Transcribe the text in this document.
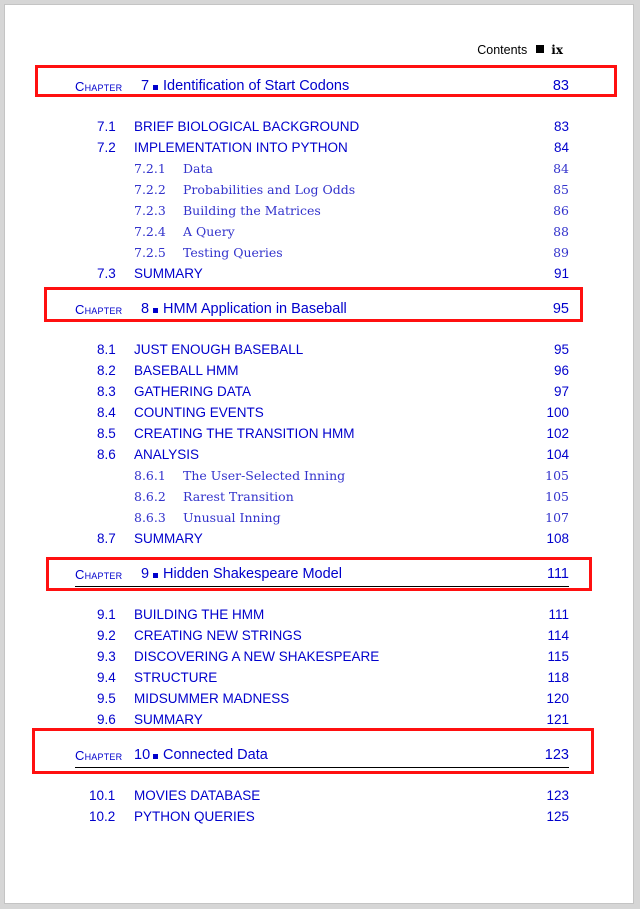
Contents ix
Chapter 7 Identification of Start Codons	83
7.1 BRIEF BIOLOGICAL BACKGROUND	83
7.2 IMPLEMENTATION INTO PYTHON	84
7.2.1 Data	84
7.2.2 Probabilities and Log Odds	85
7.2.3 Building the Matrices	86
7.2.4 A Query	88
7.2.5 Testing Queries	89
7.3 SUMMARY	91
Chapter 8 HMM Application in Baseball	95
8.1 JUST ENOUGH BASEBALL	95
8.2 BASEBALL HMM	96
8.3 GATHERING DATA	97
8.4 COUNTING EVENTS	100
8.5 CREATING THE TRANSITION HMM	102
8.6 ANALYSIS	104
8.6.1 The User-Selected Inning	105
8.6.2 Rarest Transition	105
8.6.3 Unusual Inning	107
8.7 SUMMARY	108
Chapter 9 Hidden Shakespeare Model	111
9.1 BUILDING THE HMM	111
9.2 CREATING NEW STRINGS	114
9.3 DISCOVERING A NEW SHAKESPEARE	115
9.4 STRUCTURE	118
9.5 MIDSUMMER MADNESS	120
9.6 SUMMARY	121
Chapter 10 Connected Data	123
10.1 MOVIES DATABASE	123
10.2 PYTHON QUERIES	125
